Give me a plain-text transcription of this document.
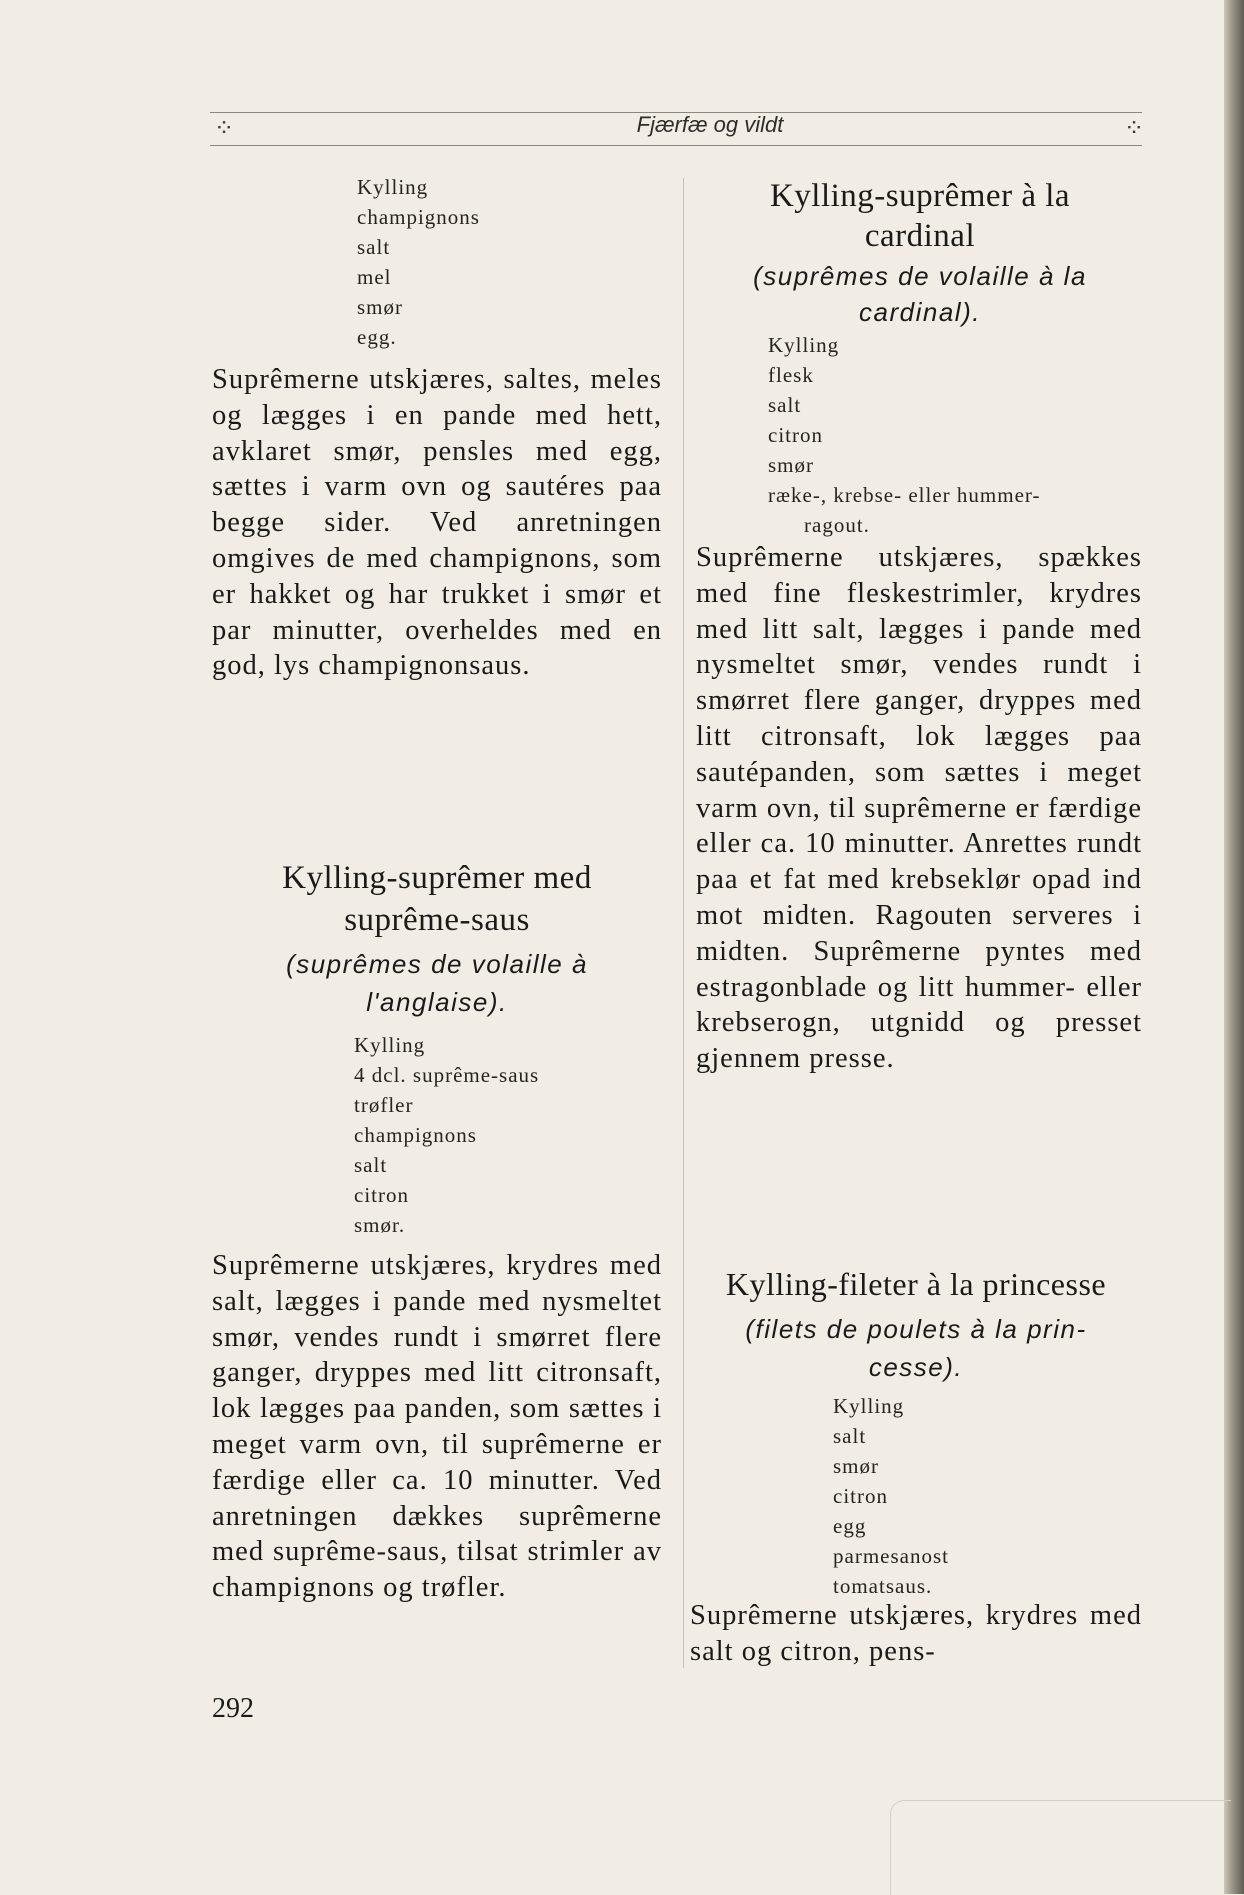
⁘	Fjærfæ og vildt	⁘
Kylling
champignons
salt
mel
smør
egg.

Suprêmerne utskjæres, saltes, meles og lægges i en pande med hett, avklaret smør, pensles med egg, sættes i varm ovn og sautéres paa begge sider. Ved anretningen omgives de med champignons, som er hakket og har trukket i smør et par minutter, overheldes med en god, lys champignonsaus.

Kylling-suprêmer med
suprême-saus

(suprêmes de volaille à

l'anglaise).

Kylling
4 dcl. suprême-saus
trøfler
champignons
salt
citron
smør.

Suprêmerne utskjæres, krydres med salt, lægges i pande med nysmeltet smør, vendes rundt i smørret flere ganger, dryppes med litt citronsaft, lok lægges paa panden, som sættes i meget varm ovn, til suprêmerne er færdige eller ca. 10 minutter. Ved anretningen dækkes suprêmerne med suprême-saus, tilsat strimler av champignons og trøfler.

292
Kylling-suprêmer à la
cardinal

(suprêmes de volaille à la

cardinal).

Kylling
flesk
salt
citron
smør
ræke-, krebse- eller hummer-
ragout.

Suprêmerne utskjæres, spækkes med fine fleskestrimler, krydres med litt salt, lægges i pande med nysmeltet smør, vendes rundt i smørret flere ganger, dryppes med litt citronsaft, lok lægges paa sautépanden, som sættes i meget varm ovn, til suprêmerne er færdige eller ca. 10 minutter. Anrettes rundt paa et fat med krebseklør opad ind mot midten. Ragouten serveres i midten. Suprêmerne pyntes med estragonblade og litt hummer- eller krebserogn, utgnidd og presset gjennem presse.

Kylling-fileter à la princesse

(filets de poulets à la prin-

cesse).

Kylling
salt
smør
citron
egg
parmesanost
tomatsaus.

Suprêmerne utskjæres, krydres med salt og citron, pens-
